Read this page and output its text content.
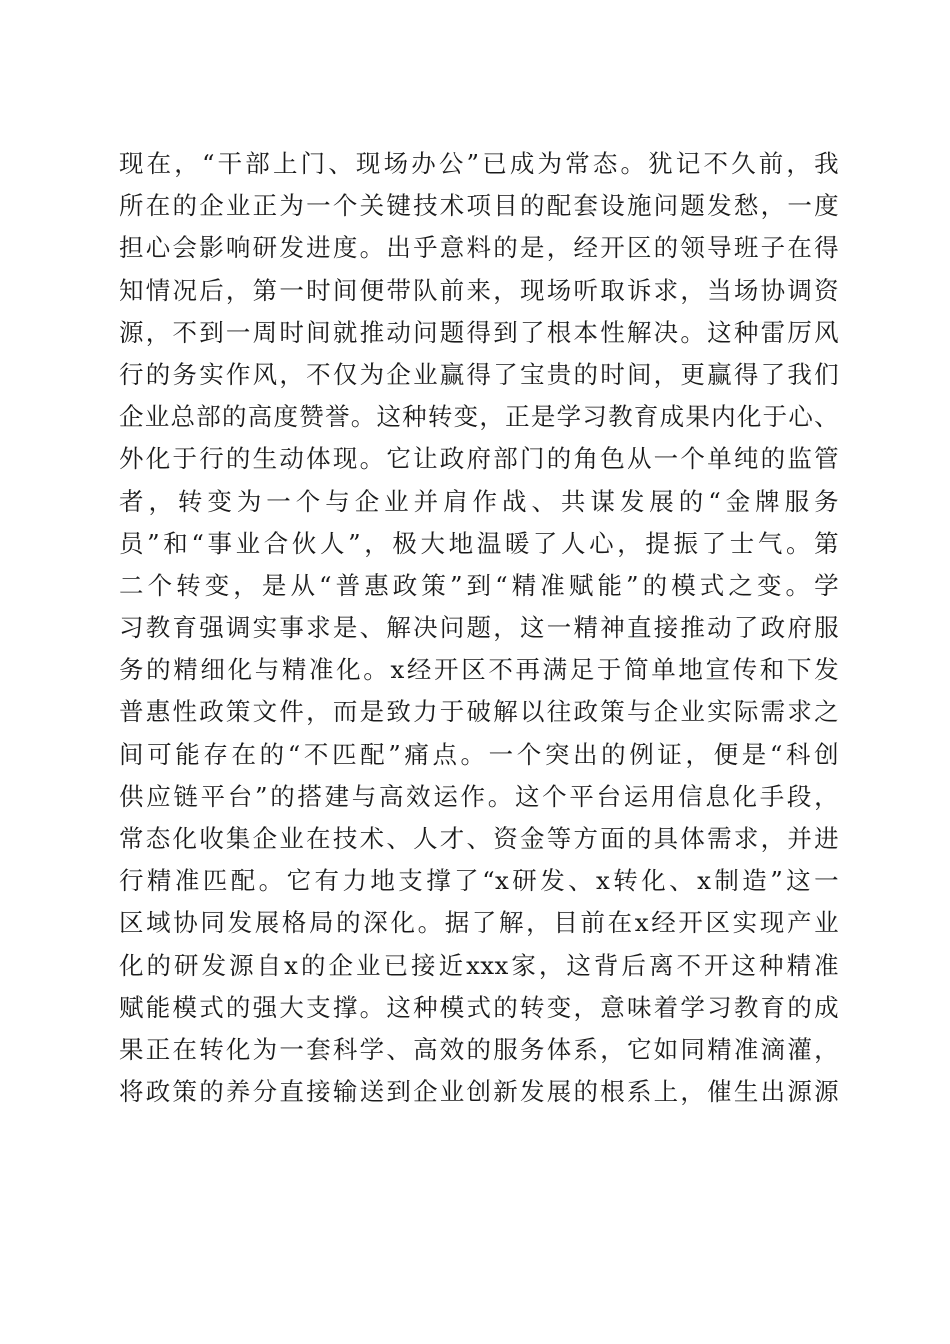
现在，“干部上门、现场办公”已成为常态。犹记不久前，我
所在的企业正为一个关键技术项目的配套设施问题发愁，一度
担心会影响研发进度。出乎意料的是，经开区的领导班子在得
知情况后，第一时间便带队前来，现场听取诉求，当场协调资
源，不到一周时间就推动问题得到了根本性解决。这种雷厉风
行的务实作风，不仅为企业赢得了宝贵的时间，更赢得了我们
企业总部的高度赞誉。这种转变，正是学习教育成果内化于心、
外化于行的生动体现。它让政府部门的角色从一个单纯的监管
者，转变为一个与企业并肩作战、共谋发展的“金牌服务
员”和“事业合伙人”，极大地温暖了人心，提振了士气。第
二个转变，是从“普惠政策”到“精准赋能”的模式之变。学
习教育强调实事求是、解决问题，这一精神直接推动了政府服
务的精细化与精准化。x经开区不再满足于简单地宣传和下发
普惠性政策文件，而是致力于破解以往政策与企业实际需求之
间可能存在的“不匹配”痛点。一个突出的例证，便是“科创
供应链平台”的搭建与高效运作。这个平台运用信息化手段，
常态化收集企业在技术、人才、资金等方面的具体需求，并进
行精准匹配。它有力地支撑了“x研发、x转化、x制造”这一
区域协同发展格局的深化。据了解，目前在x经开区实现产业
化的研发源自x的企业已接近xxx家，这背后离不开这种精准
赋能模式的强大支撑。这种模式的转变，意味着学习教育的成
果正在转化为一套科学、高效的服务体系，它如同精准滴灌，
将政策的养分直接输送到企业创新发展的根系上，催生出源源
